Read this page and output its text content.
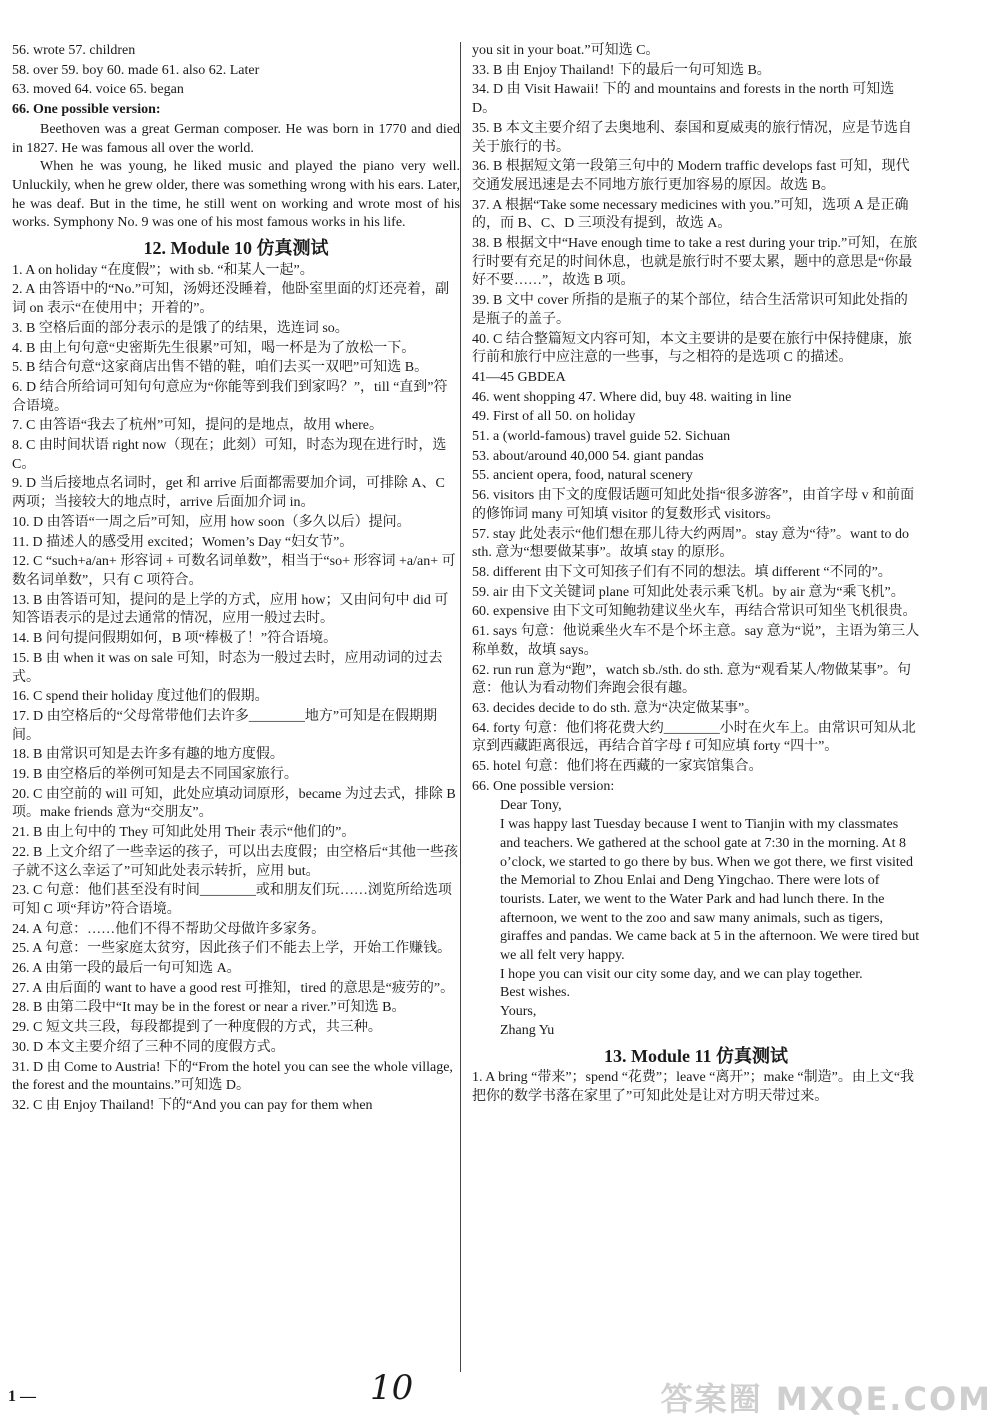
56. wrote 57. children
58. over 59. boy 60. made 61. also 62. Later
63. moved 64. voice 65. began
66. One possible version:
Beethoven was a great German composer. He was born in 1770 and died in 1827. He was famous all over the world.
When he was young, he liked music and played the piano very well. Unluckily, when he grew older, there was something wrong with his ears. Later, he was deaf. But in the time, he still went on working and wrote most of his works. Symphony No. 9 was one of his most famous works in his life.
12. Module 10 仿真测试
1. A on holiday “在度假”；with sb. “和某人一起”。
2. A 由答语中的“No.”可知，汤姆还没睡着，他卧室里面的灯还亮着，副词 on 表示“在使用中；开着的”。
3. B 空格后面的部分表示的是饿了的结果，选连词 so。
4. B 由上句句意“史密斯先生很累”可知，喝一杯是为了放松一下。
5. B 结合句意“这家商店出售不错的鞋，咱们去买一双吧”可知选 B。
6. D 结合所给词可知句句意应为“你能等到我们到家吗？”，till “直到”符合语境。
7. C 由答语“我去了杭州”可知，提问的是地点，故用 where。
8. C 由时间状语 right now（现在；此刻）可知，时态为现在进行时，选 C。
9. D 当后接地点名词时，get 和 arrive 后面都需要加介词，可排除 A、C 两项；当接较大的地点时，arrive 后面加介词 in。
10. D 由答语“一周之后”可知，应用 how soon（多久以后）提问。
11. D 描述人的感受用 excited；Women’s Day “妇女节”。
12. C “such+a/an+ 形容词 + 可数名词单数”，相当于“so+ 形容词 +a/an+ 可数名词单数”，只有 C 项符合。
13. B 由答语可知，提问的是上学的方式，应用 how；又由问句中 did 可知答语表示的是过去通常的情况，应用一般过去时。
14. B 问句提问假期如何，B 项“棒极了！”符合语境。
15. B 由 when it was on sale 可知，时态为一般过去时，应用动词的过去式。
16. C spend their holiday 度过他们的假期。
17. D 由空格后的“父母常带他们去许多________地方”可知是在假期期间。
18. B 由常识可知是去许多有趣的地方度假。
19. B 由空格后的举例可知是去不同国家旅行。
20. C 由空前的 will 可知，此处应填动词原形，became 为过去式，排除 B 项。make friends 意为“交朋友”。
21. B 由上句中的 They 可知此处用 Their 表示“他们的”。
22. B 上文介绍了一些幸运的孩子，可以出去度假；由空格后“其他一些孩子就不这么幸运了”可知此处表示转折，应用 but。
23. C 句意：他们甚至没有时间________或和朋友们玩……浏览所给选项可知 C 项“拜访”符合语境。
24. A 句意：……他们不得不帮助父母做许多家务。
25. A 句意：一些家庭太贫穷，因此孩子们不能去上学，开始工作赚钱。
26. A 由第一段的最后一句可知选 A。
27. A 由后面的 want to have a good rest 可推知，tired 的意思是“疲劳的”。
28. B 由第二段中“It may be in the forest or near a river.”可知选 B。
29. C 短文共三段，每段都提到了一种度假的方式，共三种。
30. D 本文主要介绍了三种不同的度假方式。
31. D 由 Come to Austria! 下的“From the hotel you can see the whole village, the forest and the mountains.”可知选 D。
32. C 由 Enjoy Thailand! 下的“And you can pay for them when
you sit in your boat.”可知选 C。
33. B 由 Enjoy Thailand! 下的最后一句可知选 B。
34. D 由 Visit Hawaii! 下的 and mountains and forests in the north 可知选 D。
35. B 本文主要介绍了去奥地利、泰国和夏威夷的旅行情况，应是节选自关于旅行的书。
36. B 根据短文第一段第三句中的 Modern traffic develops fast 可知，现代交通发展迅速是去不同地方旅行更加容易的原因。故选 B。
37. A 根据“Take some necessary medicines with you.”可知，选项 A 是正确的，而 B、C、D 三项没有提到，故选 A。
38. B 根据文中“Have enough time to take a rest during your trip.”可知，在旅行时要有充足的时间休息，也就是旅行时不要太累，题中的意思是“你最好不要……”，故选 B 项。
39. B 文中 cover 所指的是瓶子的某个部位，结合生活常识可知此处指的是瓶子的盖子。
40. C 结合整篇短文内容可知，本文主要讲的是要在旅行中保持健康，旅行前和旅行中应注意的一些事，与之相符的是选项 C 的描述。
41—45 GBDEA
46. went shopping 47. Where did, buy 48. waiting in line
49. First of all 50. on holiday
51. a (world-famous) travel guide 52. Sichuan
53. about/around 40,000 54. giant pandas
55. ancient opera, food, natural scenery
56. visitors 由下文的度假话题可知此处指“很多游客”，由首字母 v 和前面的修饰词 many 可知填 visitor 的复数形式 visitors。
57. stay 此处表示“他们想在那儿待大约两周”。stay 意为“待”。want to do sth. 意为“想要做某事”。故填 stay 的原形。
58. different 由下文可知孩子们有不同的想法。填 different “不同的”。
59. air 由下文关键词 plane 可知此处表示乘飞机。by air 意为“乘飞机”。
60. expensive 由下文可知鲍勃建议坐火车，再结合常识可知坐飞机很贵。
61. says 句意：他说乘坐火车不是个坏主意。say 意为“说”，主语为第三人称单数，故填 says。
62. run run 意为“跑”，watch sb./sth. do sth. 意为“观看某人/物做某事”。句意：他认为看动物们奔跑会很有趣。
63. decides decide to do sth. 意为“决定做某事”。
64. forty 句意：他们将花费大约________小时在火车上。由常识可知从北京到西藏距离很远，再结合首字母 f 可知应填 forty “四十”。
65. hotel 句意：他们将在西藏的一家宾馆集合。
66. One possible version:
Dear Tony,
I was happy last Tuesday because I went to Tianjin with my classmates and teachers. We gathered at the school gate at 7:30 in the morning. At 8 o’clock, we started to go there by bus. When we got there, we first visited the Memorial to Zhou Enlai and Deng Yingchao. There were lots of tourists. Later, we went to the Water Park and had lunch there. In the afternoon, we went to the zoo and saw many animals, such as tigers, giraffes and pandas. We came back at 5 in the afternoon. We were tired but we all felt very happy.
I hope you can visit our city some day, and we can play together.
Best wishes.
Yours,
Zhang Yu
13. Module 11 仿真测试
1. A bring “带来”；spend “花费”；leave “离开”；make “制造”。由上文“我把你的数学书落在家里了”可知此处是让对方明天带过来。
1 —	10	答案圈 MXQE.COM
